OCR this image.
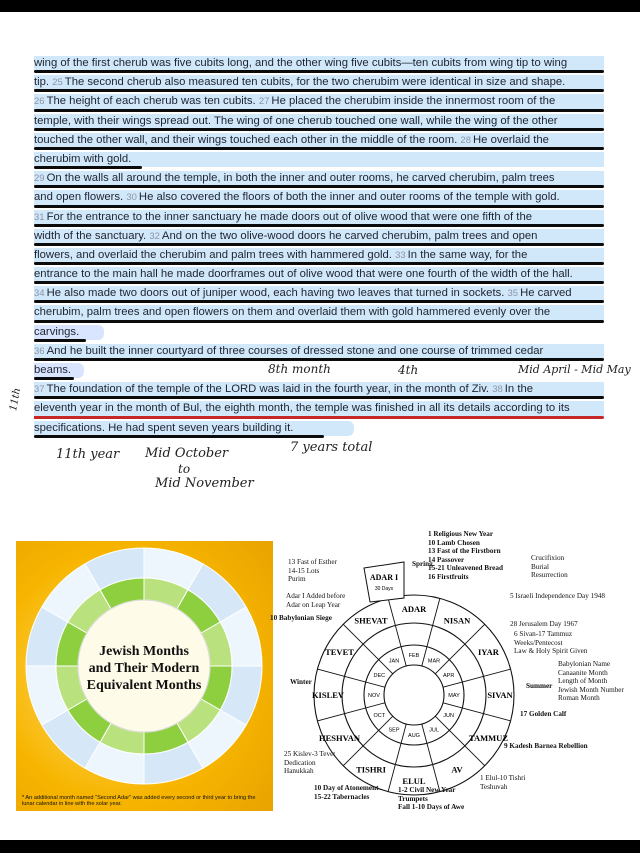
wing of the first cherub was five cubits long, and the other wing five cubits—ten cubits from wing tip to wing
tip. 25 The second cherub also measured ten cubits, for the two cherubim were identical in size and shape.
26 The height of each cherub was ten cubits. 27 He placed the cherubim inside the innermost room of the
temple, with their wings spread out. The wing of one cherub touched one wall, while the wing of the other
touched the other wall, and their wings touched each other in the middle of the room. 28 He overlaid the
cherubim with gold.
29 On the walls all around the temple, in both the inner and outer rooms, he carved cherubim, palm trees
and open flowers. 30 He also covered the floors of both the inner and outer rooms of the temple with gold.
31 For the entrance to the inner sanctuary he made doors out of olive wood that were one fifth of the
width of the sanctuary. 32 And on the two olive-wood doors he carved cherubim, palm trees and open
flowers, and overlaid the cherubim and palm trees with hammered gold. 33 In the same way, for the
entrance to the main hall he made doorframes out of olive wood that were one fourth of the width of the hall.
34 He also made two doors out of juniper wood, each having two leaves that turned in sockets. 35 He carved
cherubim, palm trees and open flowers on them and overlaid them with gold hammered evenly over the
carvings.
36 And he built the inner courtyard of three courses of dressed stone and one course of trimmed cedar
beams.
37 The foundation of the temple of the LORD was laid in the fourth year, in the month of Ziv. 38 In the
eleventh year in the month of Bul, the eighth month, the temple was finished in all its details according to its
specifications. He had spent seven years building it.
8th month	4th	Mid April - Mid May
11th
11th year Mid October
to
Mid November
7 years total
Jewish Months
and Their Modern
Equivalent Months
* An additional month named "Second Adar" was added every second or third year to bring the lunar calendar in line with the solar year.
NISAN
MAR
IYAR
APR
SIVAN
MAY
TAMMUZ
JUN
AV
JUL
ELUL
AUG
TISHRI
SEP
HESHVAN
OCT
KISLEV	NOV
TEVET
DEC
SHEVAT
JAN
ADAR
FEB
ADAR I
30 Days
1 Religious New Year
10 Lamb Chosen
13 Fast of the Firstborn
14 Passover
15-21 Unleavened Bread
16 Firstfruits
Spring
Crucifixion
Burial
Resurrection
5 Israeli Independence Day 1948
28 Jerusalem Day 1967
6 Sivan-17 Tammuz
Weeks/Pentecost
Law & Holy Spirit Given
Summer
Babylonian Name
Canaanite Month
Length of Month
Jewish Month Number
Roman Month
17 Golden Calf
9 Kadesh Barnea Rebellion
1 Elul-10 Tishri
Teshuvah
1-2 Civil New Year
Trumpets
Fall 1-10 Days of Awe
10 Day of Atonement
15-22 Tabernacles
25 Kislev-3 Tevet
Dedication
Hanukkah
Winter
10 Babylonian Siege
13 Fast of Esther
14-15 Lots
Purim
Adar I Added before
Adar on Leap Year
